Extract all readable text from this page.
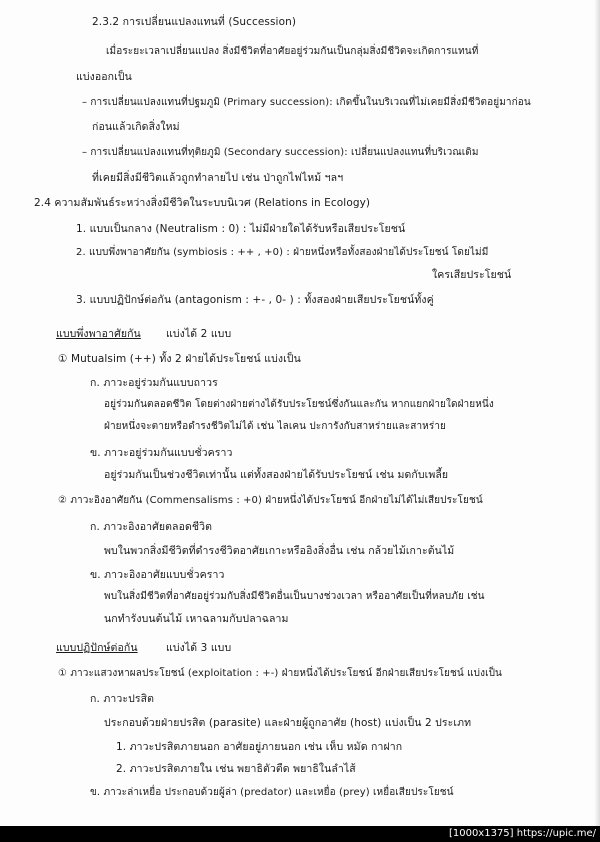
2.3.2 การเปลี่ยนแปลงแทนที่ (Succession)
เมื่อระยะเวลาเปลี่ยนแปลง สิ่งมีชีวิตที่อาศัยอยู่ร่วมกันเป็นกลุ่มสิ่งมีชีวิตจะเกิดการแทนที่
แบ่งออกเป็น
– การเปลี่ยนแปลงแทนที่ปฐมภูมิ (Primary succession): เกิดขึ้นในบริเวณที่ไม่เคยมีสิ่งมีชีวิตอยู่มาก่อน
ก่อนแล้วเกิดสิ่งใหม่
– การเปลี่ยนแปลงแทนที่ทุติยภูมิ (Secondary succession): เปลี่ยนแปลงแทนที่บริเวณเดิม
ที่เคยมีสิ่งมีชีวิตแล้วถูกทำลายไป เช่น ป่าถูกไฟไหม้ ฯลฯ
2.4 ความสัมพันธ์ระหว่างสิ่งมีชีวิตในระบบนิเวศ (Relations in Ecology)
1. แบบเป็นกลาง (Neutralism : 0) : ไม่มีฝ่ายใดได้รับหรือเสียประโยชน์
2. แบบพึ่งพาอาศัยกัน (symbiosis : ++ , +0) : ฝ่ายหนึ่งหรือทั้งสองฝ่ายได้ประโยชน์ โดยไม่มี
ใครเสียประโยชน์
3. แบบปฏิปักษ์ต่อกัน (antagonism : +- , 0- ) : ทั้งสองฝ่ายเสียประโยชน์ทั้งคู่
แบบพึ่งพาอาศัยกัน แบ่งได้ 2 แบบ
① Mutualsim (++) ทั้ง 2 ฝ่ายได้ประโยชน์ แบ่งเป็น
ก. ภาวะอยู่ร่วมกันแบบถาวร
อยู่ร่วมกันตลอดชีวิต โดยต่างฝ่ายต่างได้รับประโยชน์ซึ่งกันและกัน หากแยกฝ่ายใดฝ่ายหนึ่ง
ฝ่ายหนึ่งจะตายหรือดำรงชีวิตไม่ได้ เช่น ไลเคน ปะการังกับสาหร่ายและสาหร่าย
ข. ภาวะอยู่ร่วมกันแบบชั่วคราว
อยู่ร่วมกันเป็นช่วงชีวิตเท่านั้น แต่ทั้งสองฝ่ายได้รับประโยชน์ เช่น มดกับเพลี้ย
② ภาวะอิงอาศัยกัน (Commensalisms : +0) ฝ่ายหนึ่งได้ประโยชน์ อีกฝ่ายไม่ได้ไม่เสียประโยชน์
ก. ภาวะอิงอาศัยตลอดชีวิต
พบในพวกสิ่งมีชีวิตที่ดำรงชีวิตอาศัยเกาะหรืออิงสิ่งอื่น เช่น กล้วยไม้เกาะต้นไม้
ข. ภาวะอิงอาศัยแบบชั่วคราว
พบในสิ่งมีชีวิตที่อาศัยอยู่ร่วมกับสิ่งมีชีวิตอื่นเป็นบางช่วงเวลา หรืออาศัยเป็นที่หลบภัย เช่น
นกทำรังบนต้นไม้ เหาฉลามกับปลาฉลาม
แบบปฏิปักษ์ต่อกัน	แบ่งได้ 3 แบบ
① ภาวะแสวงหาผลประโยชน์ (exploitation : +-) ฝ่ายหนึ่งได้ประโยชน์ อีกฝ่ายเสียประโยชน์ แบ่งเป็น
ก. ภาวะปรสิต
ประกอบด้วยฝ่ายปรสิต (parasite) และฝ่ายผู้ถูกอาศัย (host) แบ่งเป็น 2 ประเภท
1. ภาวะปรสิตภายนอก อาศัยอยู่ภายนอก เช่น เห็บ หมัด กาฝาก
2. ภาวะปรสิตภายใน เช่น พยาธิตัวตืด พยาธิในลำไส้
ข. ภาวะล่าเหยื่อ ประกอบด้วยผู้ล่า (predator) และเหยื่อ (prey) เหยื่อเสียประโยชน์
[1000x1375] https://upic.me/
